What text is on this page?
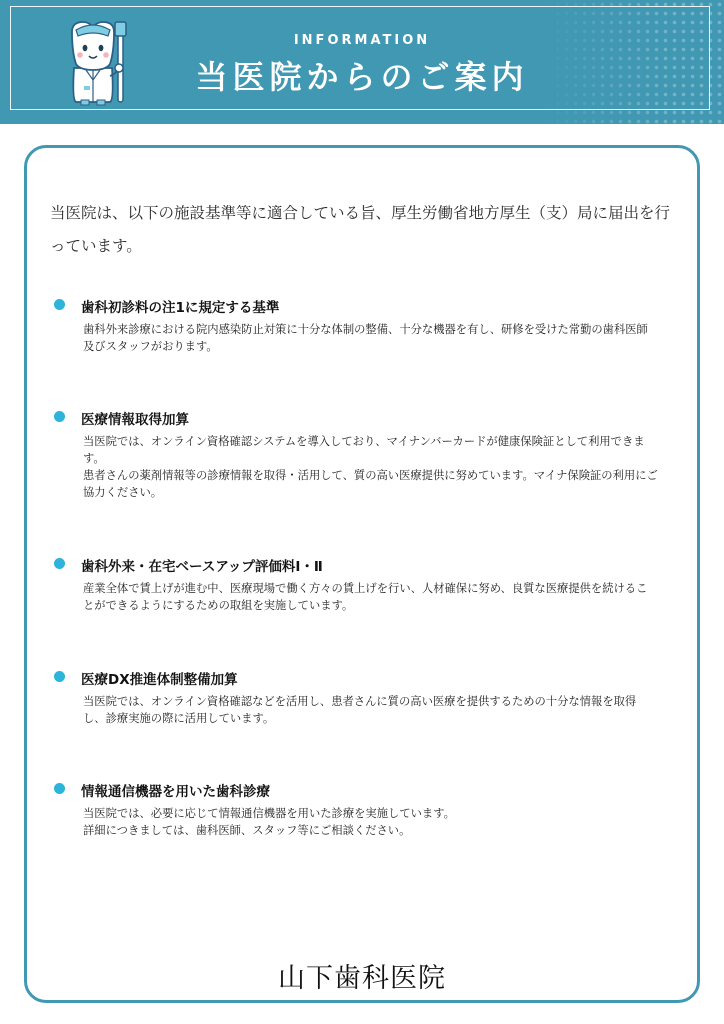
INFORMATION
当医院からのご案内

当医院は、以下の施設基準等に適合している旨、厚生労働省地方厚生（支）局に届出を行っています。

歯科初診料の注1に規定する基準

歯科外来診療における院内感染防止対策に十分な体制の整備、十分な機器を有し、研修を受けた常勤の歯科医師及びスタッフがおります。

医療情報取得加算

当医院では、オンライン資格確認システムを導入しており、マイナンバーカードが健康保険証として利用できます。

患者さんの薬剤情報等の診療情報を取得・活用して、質の高い医療提供に努めています。マイナ保険証の利用にご協力ください。

歯科外来・在宅ベースアップ評価料Ⅰ・Ⅱ

産業全体で賃上げが進む中、医療現場で働く方々の賃上げを行い、人材確保に努め、良質な医療提供を続けることができるようにするための取組を実施しています。

医療DX推進体制整備加算

当医院では、オンライン資格確認などを活用し、患者さんに質の高い医療を提供するための十分な情報を取得し、診療実施の際に活用しています。

情報通信機器を用いた歯科診療

当医院では、必要に応じて情報通信機器を用いた診療を実施しています。

詳細につきましては、歯科医師、スタッフ等にご相談ください。

山下歯科医院
